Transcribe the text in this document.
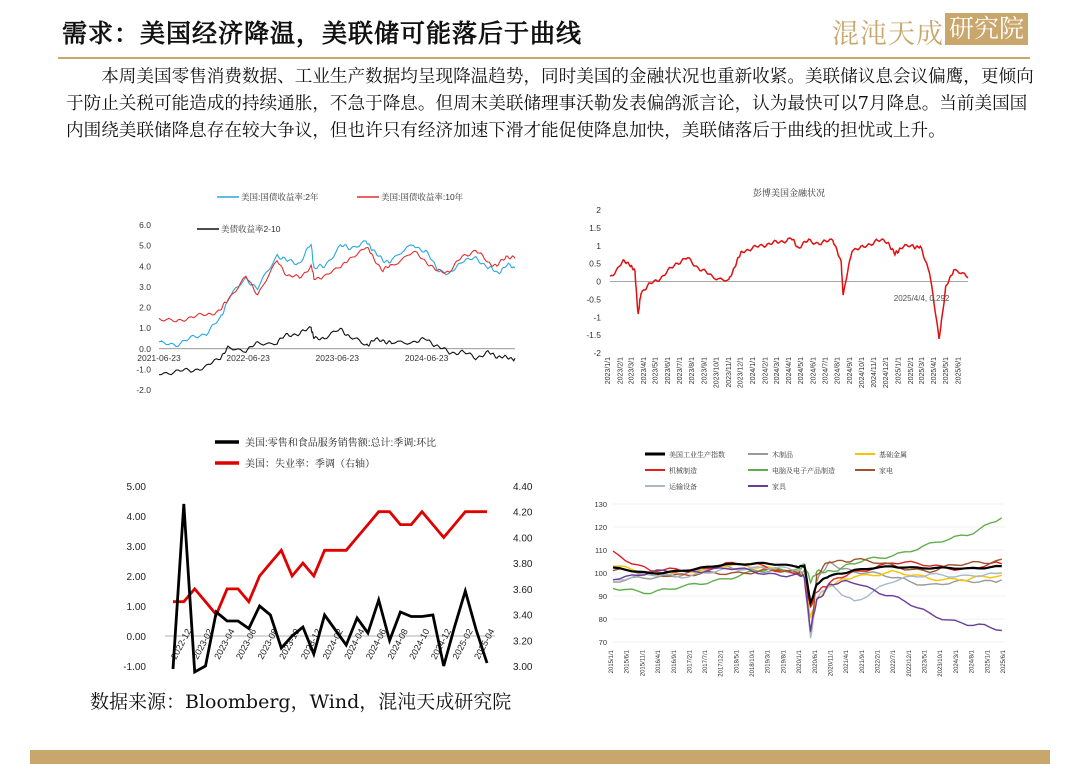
需求：美国经济降温，美联储可能落后于曲线	混沌天成 研究院

本周美国零售消费数据、工业生产数据均呈现降温趋势，同时美国的金融状况也重新收紧。美联储议息会议偏鹰，更倾向于防止关税可能造成的持续通胀，不急于降息。但周末美联储理事沃勒发表偏鸽派言论，认为最快可以7月降息。当前美国国内围绕美联储降息存在较大争议，但也许只有经济加速下滑才能促使降息加快，美联储落后于曲线的担忧或上升。

美国:国债收益率:2年	美国:国债收益率:10年
美债收益率2-10
-2.0
-1.0
0.0
1.0
2.0
3.0
4.0
5.0
6.0
2021-06-23	2022-06-23	2023-06-23	2024-06-23
彭博美国金融状况
-2
-1.5
-1
-0.5
0
0.5
1
1.5
2
2023/1/1 2023/2/1 2023/3/1 2023/4/1 2023/5/1 2023/6/1 2023/7/1 2023/8/1 2023/9/1 2023/10/1 2023/11/1 2023/12/1 2024/1/1 2024/2/1 2024/3/1 2024/4/1 2024/5/1 2024/6/1 2024/7/1 2024/8/1 2024/9/1 2024/10/1 2024/11/1 2024/12/1 2025/1/1 2025/2/1 2025/3/1 2025/4/1 2025/5/1 2025/6/1
2025/4/4, 0.292
美国:零售和食品服务销售额:总计:季调:环比
美国：失业率：季调（右轴）
-1.00
0.00
1.00
2.00
3.00
4.00
5.00
3.00
3.20
3.40
3.60
3.80
4.00
4.20
4.40
2022-12
2023-02
2023-04
2023-06
2023-08
2023-10
2023-12
2024-02
2024-04
2024-06
2024-08
2024-10
2024-12
2025-02
2025-04
美国工业生产指数	木制品	基础金属
机械制造	电脑及电子产品制造	家电
运输设备	家具
70
80
90
100
110
120
130
2015/1/1 2015/6/1 2015/11/1 2016/4/1 2016/9/1 2017/2/1 2017/7/1 2017/12/1 2018/5/1 2018/10/1 2019/3/1 2019/8/1 2020/1/1 2020/6/1 2020/11/1 2021/4/1 2021/9/1 2022/2/1 2022/7/1 2022/12/1 2023/5/1 2023/10/1 2024/3/1 2024/8/1 2025/1/1 2025/6/1
数据来源：Bloomberg，Wind，混沌天成研究院
